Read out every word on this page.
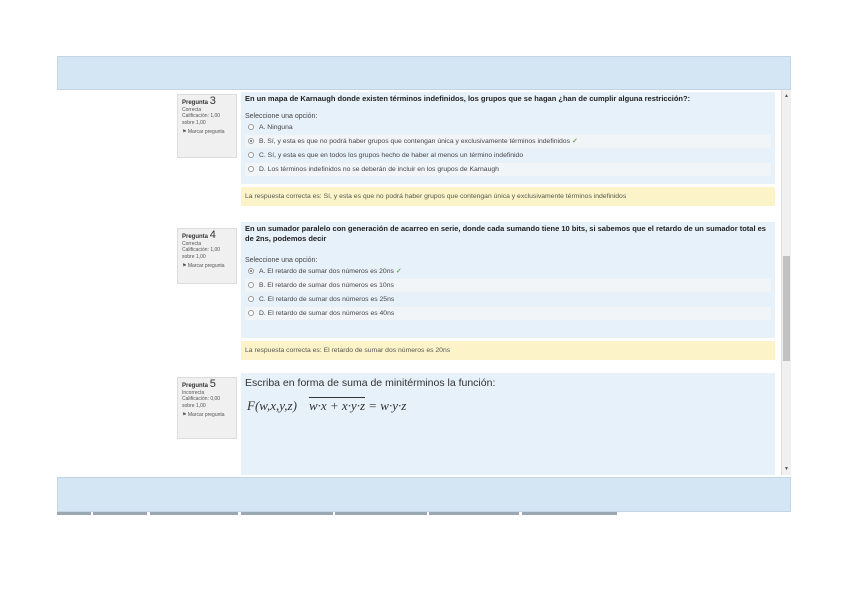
Pregunta 3
Correcta
Calificación: 1,00 sobre 1,00
⚑ Marcar pregunta
En un mapa de Karnaugh donde existen términos indefinidos, los grupos que se hagan ¿han de cumplir alguna restricción?:
Seleccione una opción:
A. Ninguna
B. Sí, y esta es que no podrá haber grupos que contengan única y exclusivamente términos indefinidos ✓
C. Sí, y esta es que en todos los grupos hecho de haber al menos un término indefinido
D. Los términos indefinidos no se deberán de incluir en los grupos de Karnaugh
La respuesta correcta es: Sí, y esta es que no podrá haber grupos que contengan única y exclusivamente términos indefinidos
Pregunta 4
Correcta
Calificación: 1,00 sobre 1,00
⚑ Marcar pregunta
En un sumador paralelo con generación de acarreo en serie, donde cada sumando tiene 10 bits, si sabemos que el retardo de un sumador total es de 2ns, podemos decir
Seleccione una opción:
A. El retardo de sumar dos números es 20ns ✓
B. El retardo de sumar dos números es 10ns
C. El retardo de sumar dos números es 25ns
D. El retardo de sumar dos números es 40ns
La respuesta correcta es: El retardo de sumar dos números es 20ns
Pregunta 5
Incorrecta
Calificación: 0,00 sobre 1,00
⚑ Marcar pregunta
Escriba en forma de suma de minitérminos la función:
F(w,x,y,z) w·x + x·y·z = w·y·z
▲
▼
